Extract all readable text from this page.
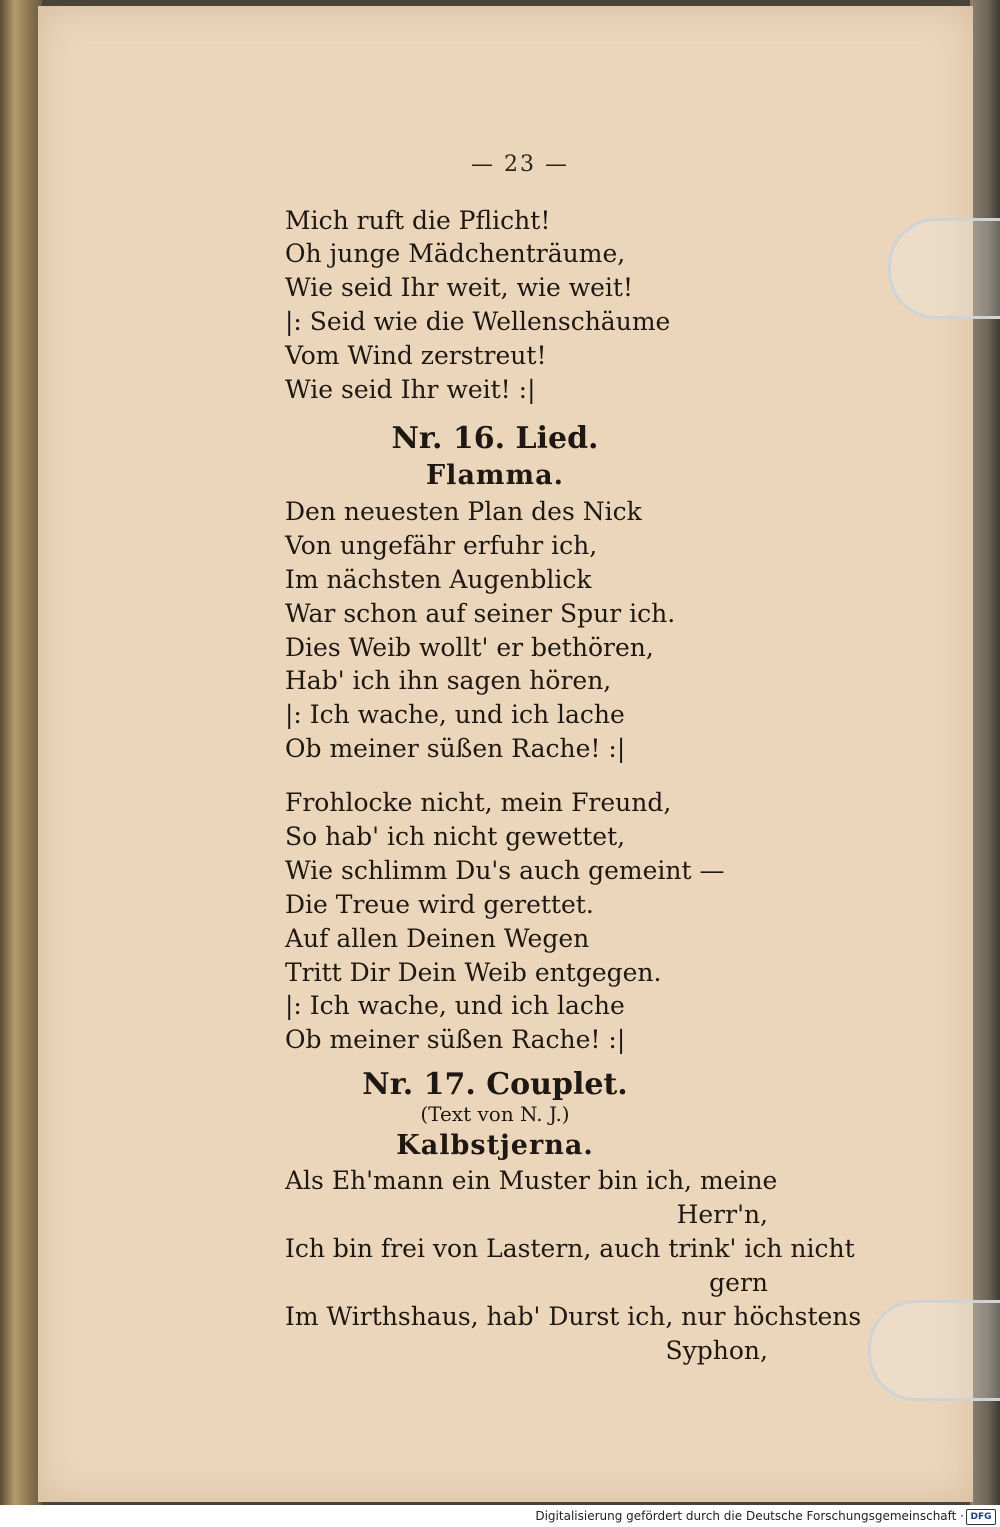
— 23 —
Mich ruft die Pflicht!
Oh junge Mädchenträume,
Wie seid Ihr weit, wie weit!
|: Seid wie die Wellenschäume
Vom Wind zerstreut!
Wie seid Ihr weit! :|
Nr. 16. Lied.
Flamma.
Den neuesten Plan des Nick
Von ungefähr erfuhr ich,
Im nächsten Augenblick
War schon auf seiner Spur ich.
Dies Weib wollt' er bethören,
Hab' ich ihn sagen hören,
|: Ich wache, und ich lache
Ob meiner süßen Rache! :|
Frohlocke nicht, mein Freund,
So hab' ich nicht gewettet,
Wie schlimm Du's auch gemeint —
Die Treue wird gerettet.
Auf allen Deinen Wegen
Tritt Dir Dein Weib entgegen.
|: Ich wache, und ich lache
Ob meiner süßen Rache! :|
Nr. 17. Couplet.
(Text von N. J.)
Kalbstjerna.
Als Eh'mann ein Muster bin ich, meine
Herr'n,
Ich bin frei von Lastern, auch trink' ich nicht
gern
Im Wirthshaus, hab' Durst ich, nur höchstens
Syphon,
Digitalisierung gefördert durch die Deutsche Forschungsgemeinschaft · DFG
